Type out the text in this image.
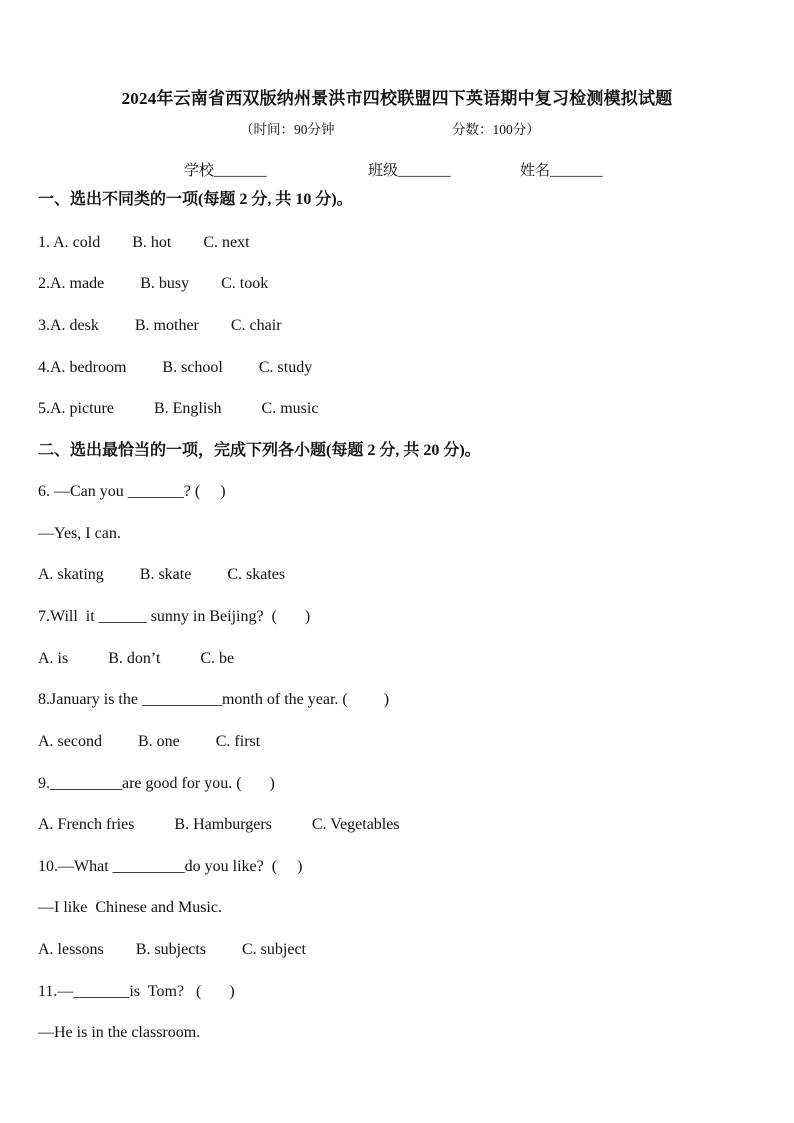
2024年云南省西双版纳州景洪市四校联盟四下英语期中复习检测模拟试题
（时间：90分钟	分数：100分）
学校_______	班级_______	姓名_______
一、选出不同类的一项(每题 2 分, 共 10 分)。
1. A. cold        B. hot        C. next
2.A. made         B. busy        C. took
3.A. desk         B. mother        C. chair
4.A. bedroom         B. school         C. study
5.A. picture          B. English          C. music
二、选出最恰当的一项，完成下列各小题(每题 2 分, 共 20 分)。
6. —Can you _______? (     )
—Yes, I can.
A. skating         B. skate         C. skates
7.Will  it ______ sunny in Beijing?  (       )
A. is          B. don’t          C. be
8.January is the __________month of the year. (         )
A. second         B. one         C. first
9._________are good for you. (       )
A. French fries          B. Hamburgers          C. Vegetables
10.—What _________do you like?  (     )
—I like  Chinese and Music.
A. lessons        B. subjects         C. subject
11.—_______is  Tom?   (       )
—He is in the classroom.
